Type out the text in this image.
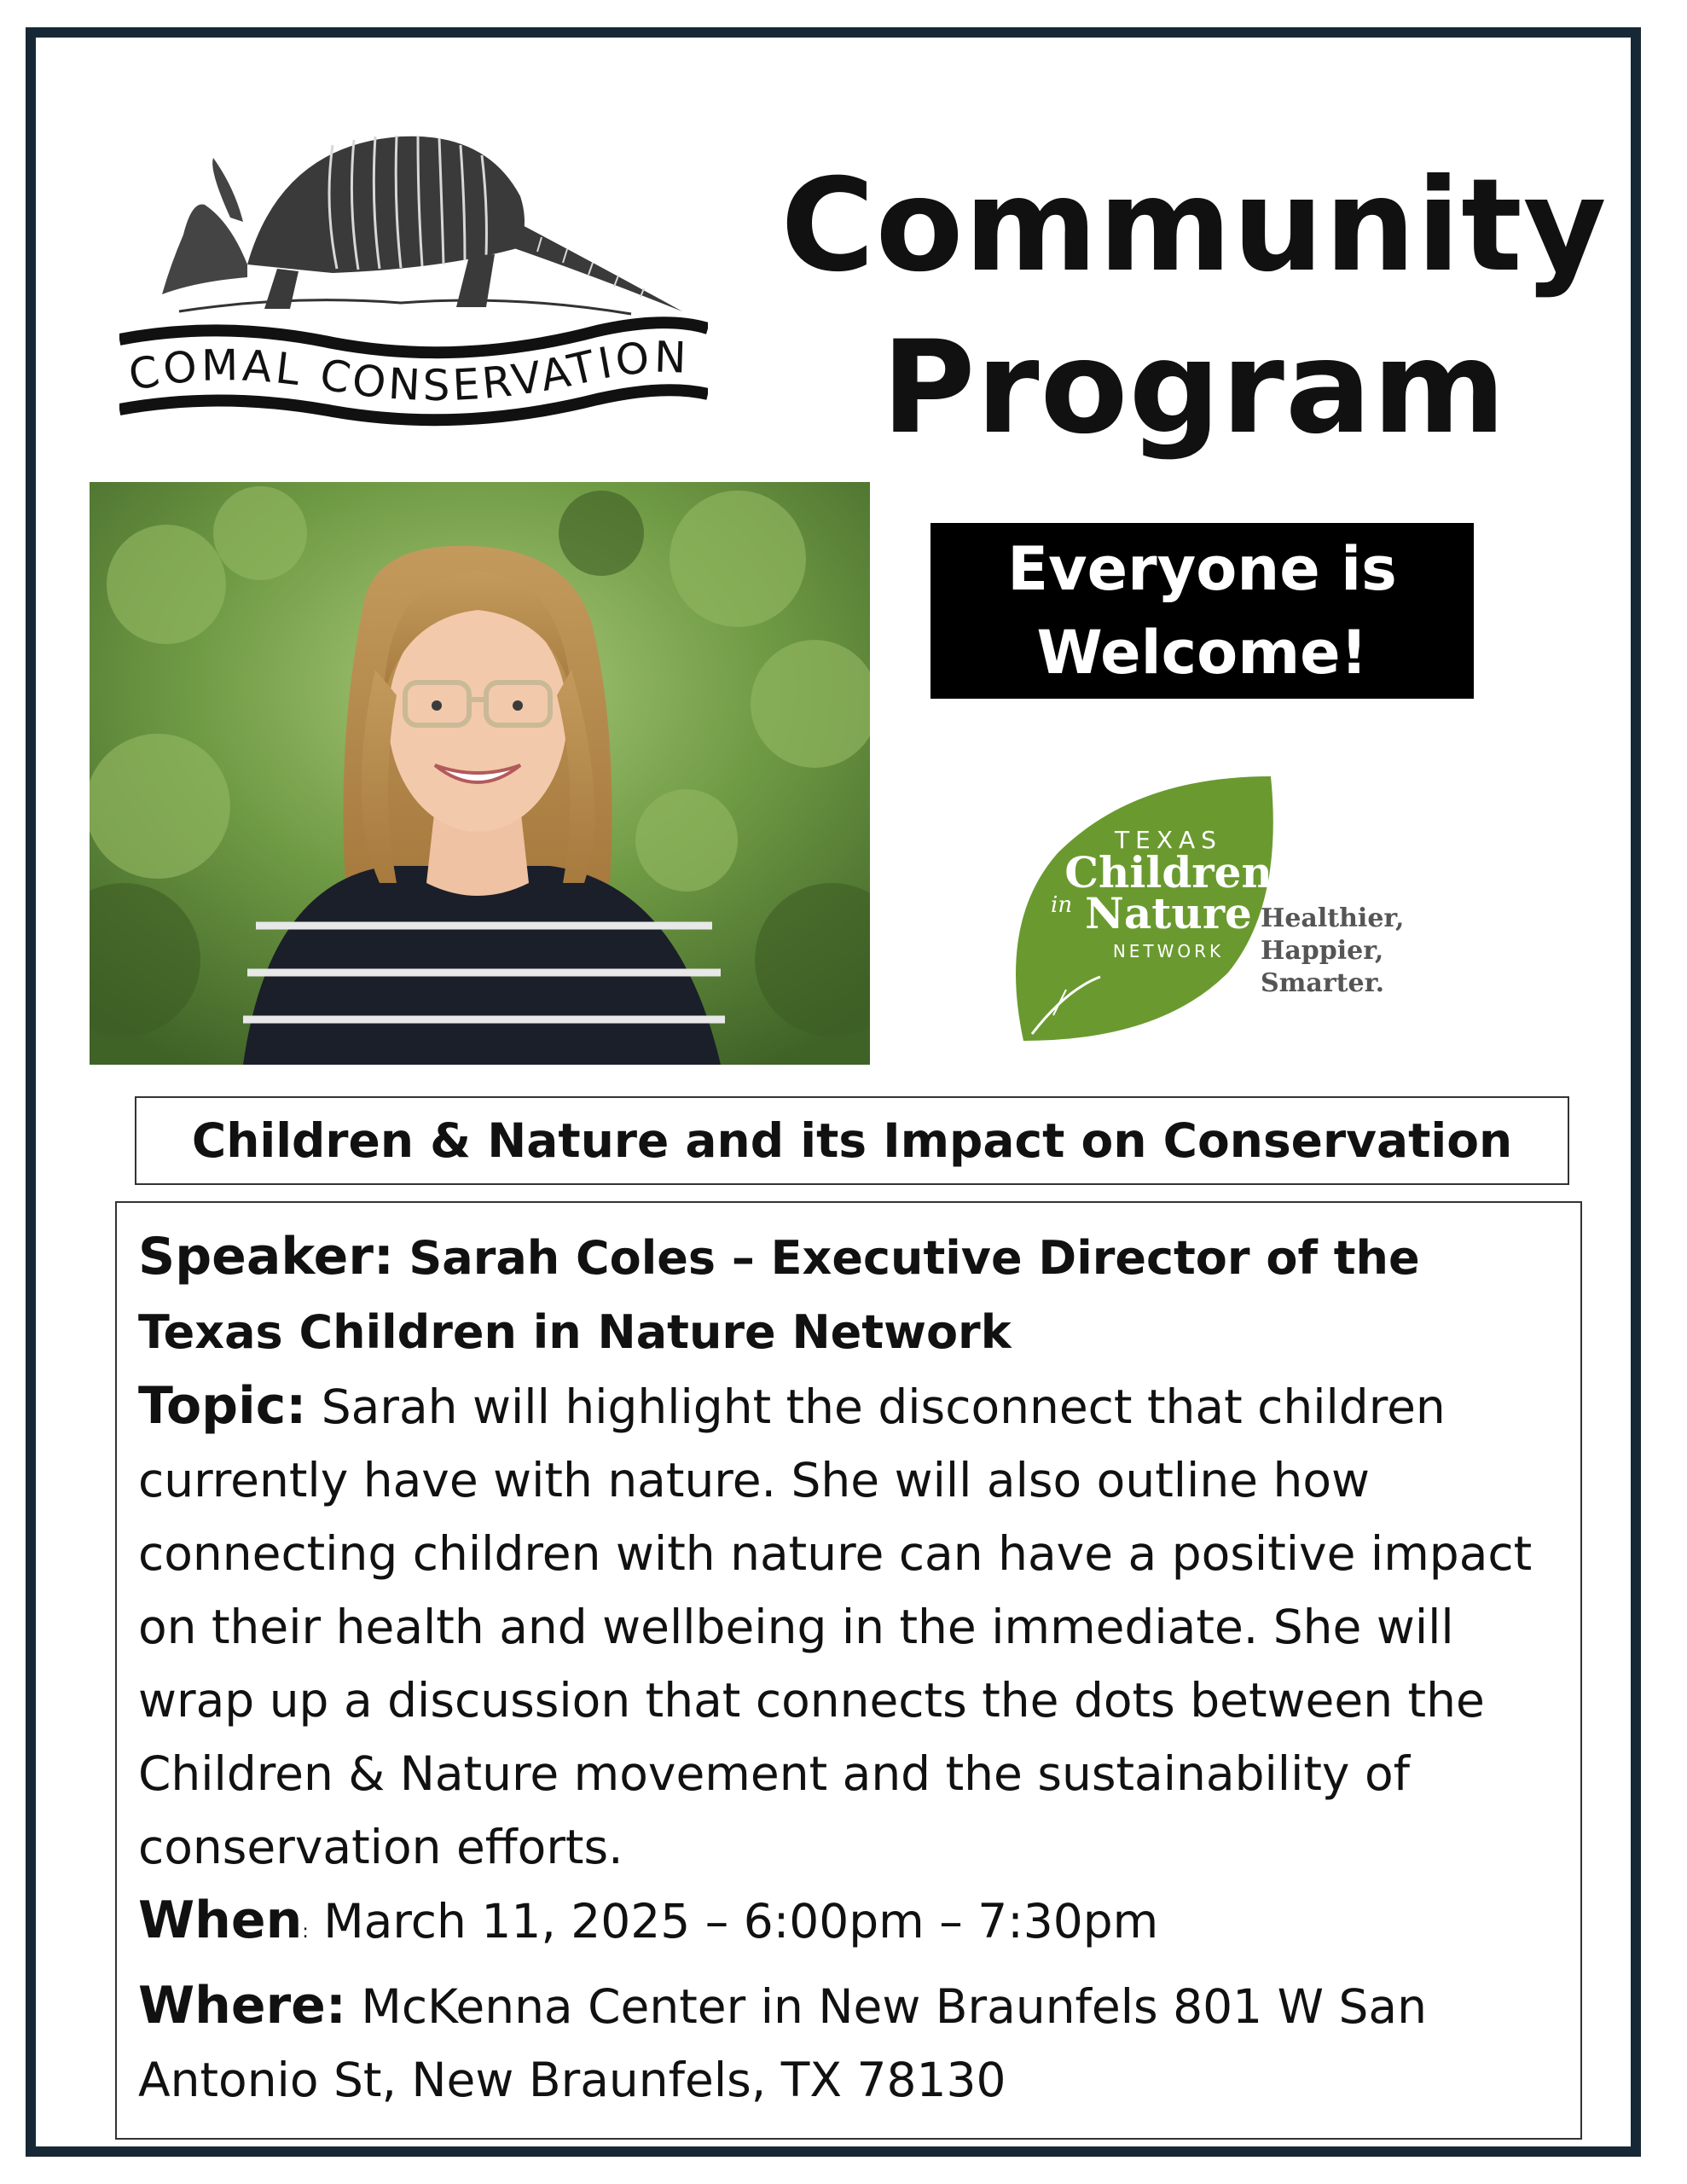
COMAL CONSERVATION
Community
Program
Everyone is
Welcome!
TEXAS
Children
in Nature
NETWORK
Healthier,
Happier,
Smarter.
Children & Nature and its Impact on Conservation

Speaker: Sarah Coles – Executive Director of the Texas Children in Nature Network

Topic: Sarah will highlight the disconnect that children currently have with nature. She will also outline how connecting children with nature can have a positive impact on their health and wellbeing in the immediate. She will wrap up a discussion that connects the dots between the Children & Nature movement and the sustainability of conservation efforts.

When: March 11, 2025 – 6:00pm – 7:30pm

Where: McKenna Center in New Braunfels 801 W San Antonio St, New Braunfels, TX 78130
